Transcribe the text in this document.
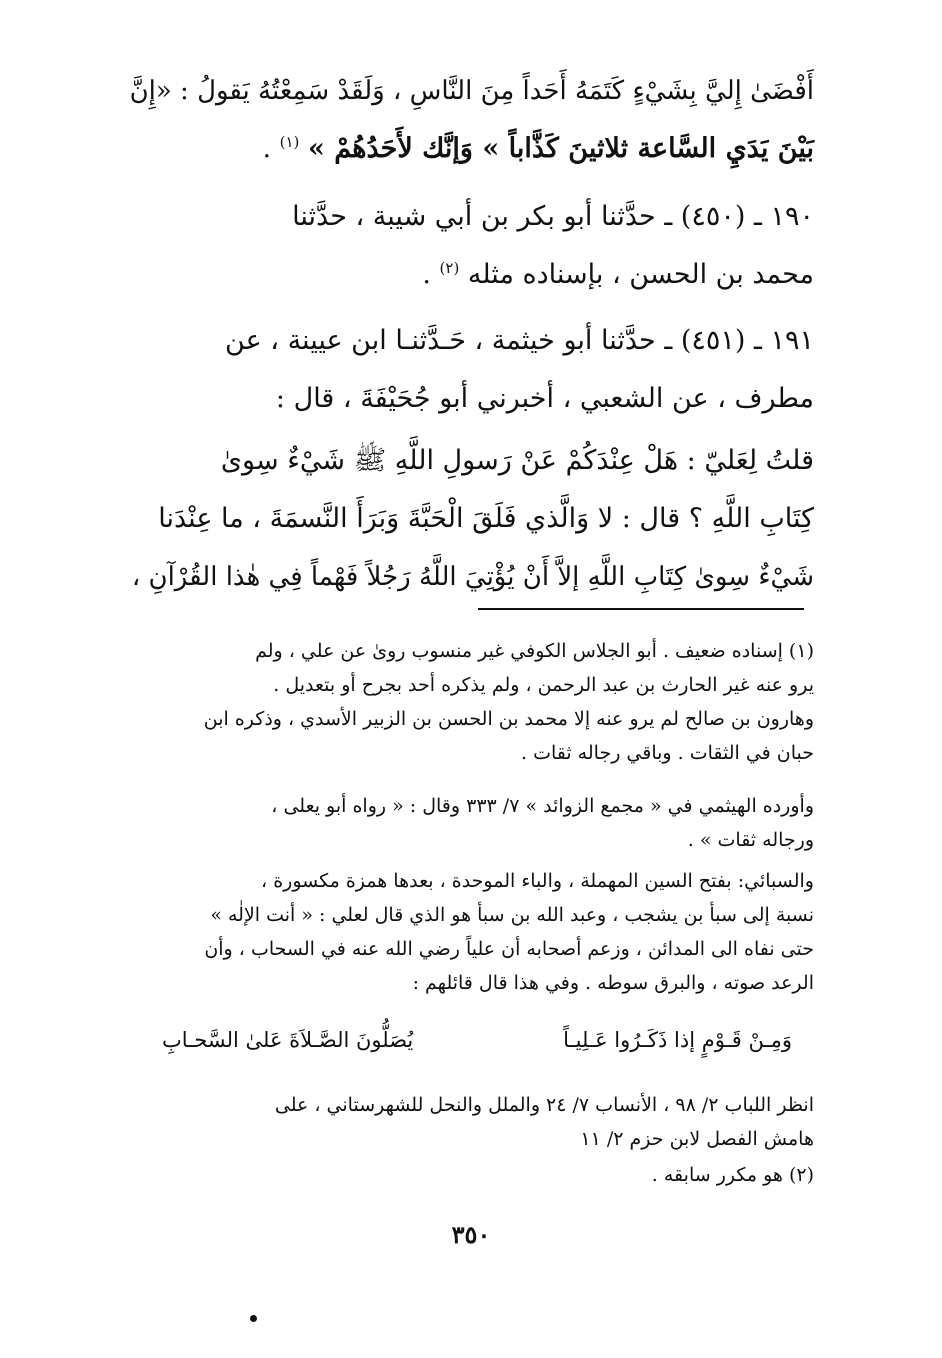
أَفْضَىٰ إِليَّ بِشَيْءٍ كَتَمَهُ أَحَداً مِنَ النَّاسِ ، وَلَقَدْ سَمِعْتُهُ يَقولُ : «إِنَّ
بَيْنَ يَدَيِ السَّاعة ثلاثينَ كَذَّاباً » وَإنَّك لأَحَدُهُمْ » $^{(١)}$ .
١٩٠ ـ (٤٥٠) ـ حدَّثنا أبو بكر بن أبي شيبة ، حدَّثنا
محمد بن الحسن ، بإسناده مثله $^{(٢)}$ .
١٩١ ـ (٤٥١) ـ حدَّثنا أبو خيثمة ، حَـدَّثنـا ابن عيينة ، عن
مطرف ، عن الشعبي ، أخبرني أبو جُحَيْفَةَ ، قال :
قلتُ لِعَليّ : هَلْ عِنْدَكُمْ عَنْ رَسولِ اللَّهِ ﷺ شَيْءٌ سِوىٰ
كِتَابِ اللَّهِ ؟ قال : لا وَالَّذي فَلَقَ الْحَبَّةَ وَبَرَأَ النَّسمَةَ ، ما عِنْدَنا
شَيْءٌ سِوىٰ كِتَابِ اللَّهِ إلاَّ أَنْ يُؤْتِيَ اللَّهُ رَجُلاً فَهْماً فِي هٰذا القُرْآنِ ،
(١) إسناده ضعيف . أبو الجلاس الكوفي غير منسوب روىٰ عن علي ، ولم
يرو عنه غير الحارث بن عبد الرحمن ، ولم يذكره أحد بجرح أو بتعديل .
وهارون بن صالح لم يرو عنه إلا محمد بن الحسن بن الزبير الأسدي ، وذكره ابن
حبان في الثقات . وباقي رجاله ثقات .
وأورده الهيثمي في « مجمع الزوائد » ٧/ ٣٣٣ وقال : « رواه أبو يعلى ،
ورجاله ثقات » .
والسبائي: بفتح السين المهملة ، والباء الموحدة ، بعدها همزة مكسورة ،
نسبة إلى سبأ بن يشجب ، وعبد الله بن سبأ هو الذي قال لعلي : « أنت الإلٰه »
حتى نفاه الى المدائن ، وزعم أصحابه أن علياً رضي الله عنه في السحاب ، وأن
الرعد صوته ، والبرق سوطه . وفي هذا قال قائلهم :
وَمِـنْ قَـوْمٍ إذا ذَكَـرُوا عَـلِيـاً
يُصَلُّونَ الصَّـلاَةَ عَلىٰ السَّحـابِ
انظر اللباب ٢/ ٩٨ ، الأنساب ٧/ ٢٤ والملل والنحل للشهرستاني ، على
هامش الفصل لابن حزم ٢/ ١١
(٢) هو مكرر سابقه .
٣٥٠
